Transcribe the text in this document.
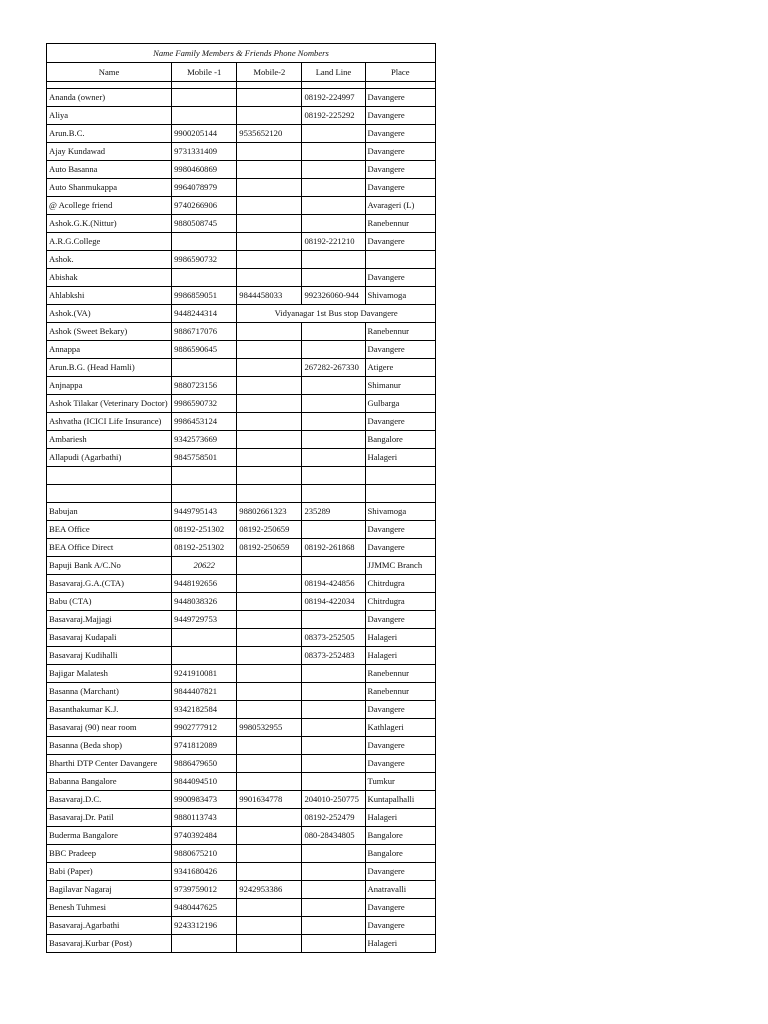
Name Family Members & Friends Phone Nombers				
Name	Mobile -1	Mobile-2	Land Line	Place

Ananda (owner)			08192-224997	Davangere
Aliya			08192-225292	Davangere
Arun.B.C.	9900205144	9535652120		Davangere
Ajay Kundawad	9731331409			Davangere
Auto Basanna	9980460869			Davangere
Auto Shanmukappa	9964078979			Davangere
@ Acollege friend	9740266906			Avarageri (L)
Ashok.G.K.(Nittur)	9880508745			Ranebennur
A.R.G.College			08192-221210	Davangere
Ashok.	9986590732			
Abishak				Davangere
Ahlabkshi	9986859051	9844458033	992326060-944	Shivamoga
Ashok.(VA)	9448244314	Vidyanagar 1st Bus stop Davangere		
Ashok (Sweet Bekary)	9886717076			Ranebennur
Annappa	9886590645			Davangere
Arun.B.G. (Head Hamli)			267282-267330	Atigere
Anjnappa	9880723156			Shimanur
Ashok Tilakar (Veterinary Doctor)	9986590732			Gulbarga
Ashvatha (ICICI Life Insurance)	9986453124			Davangere
Ambariesh	9342573669			Bangalore
Allapudi (Agarbathi)	9845758501			Halageri

Babujan	9449795143	98802661323	235289	Shivamoga
BEA Office	08192-251302	08192-250659		Davangere
BEA Office Direct	08192-251302	08192-250659	08192-261868	Davangere
Bapuji Bank A/C.No	20622			JJMMC Branch
Basavaraj.G.A.(CTA)	9448192656		08194-424856	Chitrdugra
Babu (CTA)	9448038326		08194-422034	Chitrdugra
Basavaraj.Majjagi	9449729753			Davangere
Basavaraj Kudapali			08373-252505	Halageri
Basavaraj Kudihalli			08373-252483	Halageri
Bajigar Malatesh	9241910081			Ranebennur
Basanna (Marchant)	9844407821			Ranebennur
Basanthakumar K.J.	9342182584			Davangere
Basavaraj (90) near room	9902777912	9980532955		Kathlageri
Basanna (Beda shop)	9741812089			Davangere
Bharthi DTP Center Davangere	9886479650			Davangere
Babanna Bangalore	9844094510			Tumkur
Basavaraj.D.C.	9900983473	9901634778	204010-250775	Kuntapalhalli
Basavaraj.Dr. Patil	9880113743		08192-252479	Halageri
Buderma Bangalore	9740392484		080-28434805	Bangalore
BBC Pradeep	9880675210			Bangalore
Babi (Paper)	9341680426			Davangere
Bagilavar Nagaraj	9739759012	9242953386		Anatravalli
Benesh Tuhmesi	9480447625			Davangere
Basavaraj.Agarbathi	9243312196			Davangere
Basavaraj.Kurbar (Post)				Halageri
